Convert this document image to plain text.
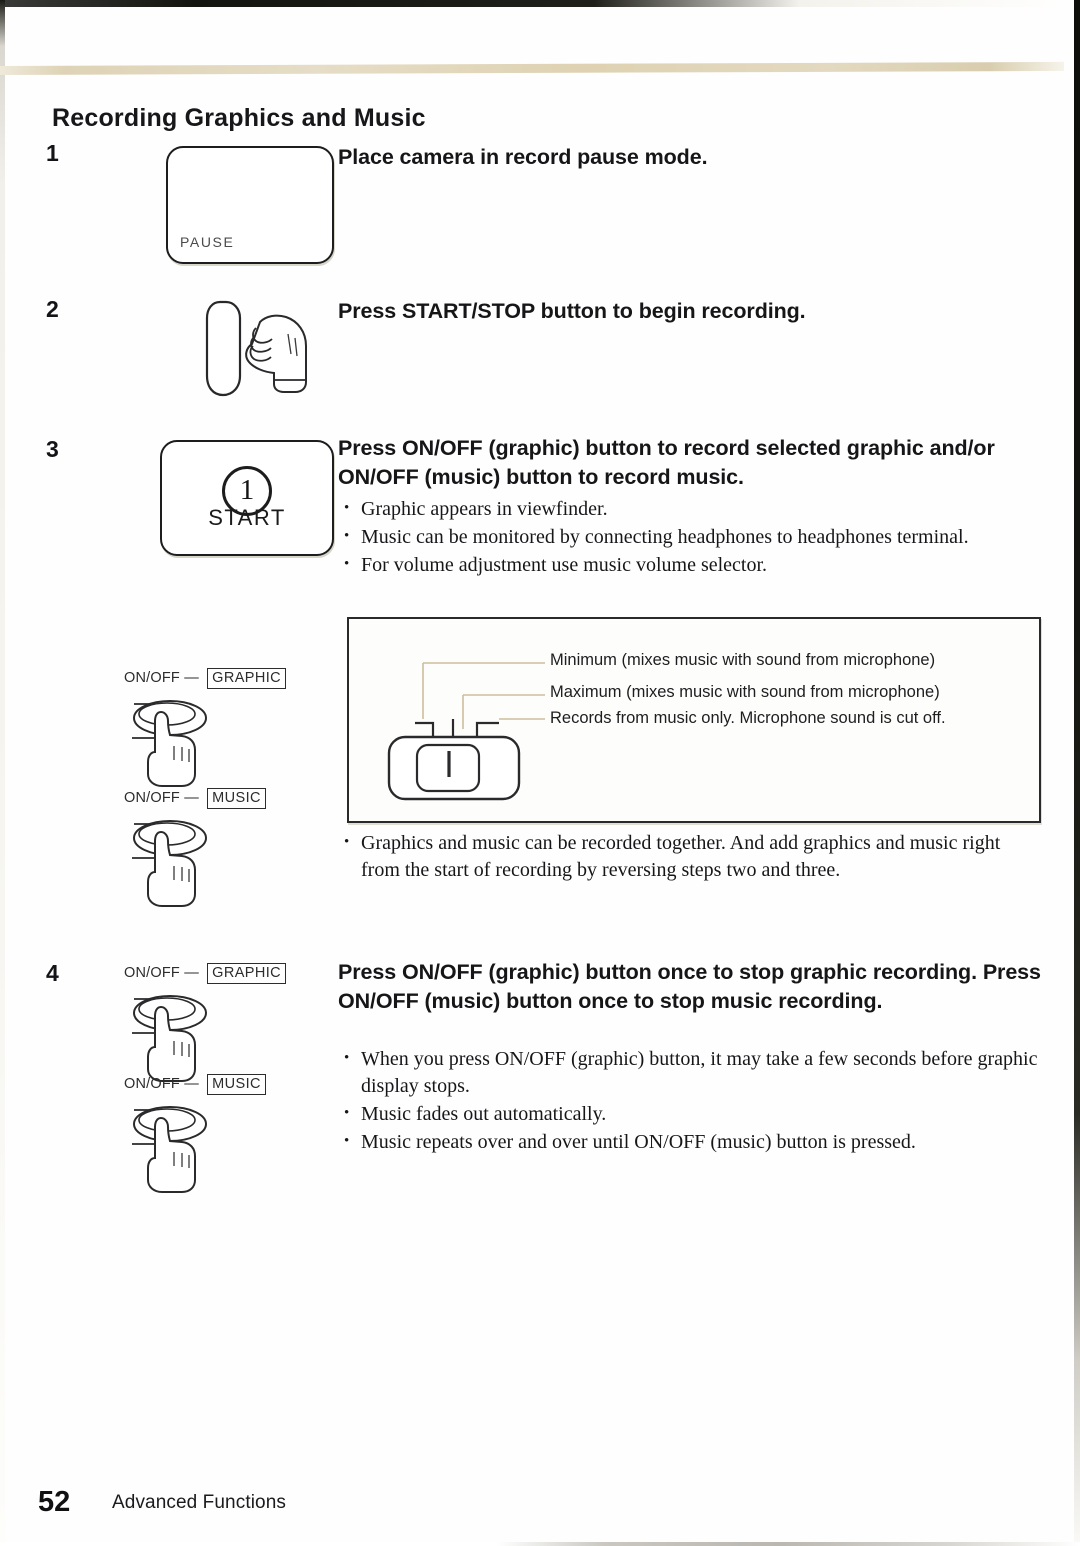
Recording Graphics and Music
1
PAUSE
Place camera in record pause mode.
2	Press START/STOP button to begin recording.
3
1
START
Press ON/OFF (graphic) button to record selected graphic and/or ON/OFF (music) button to record music.
• Graphic appears in viewfinder.
• Music can be monitored by connecting headphones to headphones terminal.
• For volume adjustment use music volume selector.
ON/OFF — GRAPHIC
ON/OFF — MUSIC
Minimum (mixes music with sound from microphone)
Maximum (mixes music with sound from microphone)
Records from music only. Microphone sound is cut off.
• Graphics and music can be recorded together. And add graphics and music right from the start of recording by reversing steps two and three.
4	ON/OFF — GRAPHIC
ON/OFF — MUSIC
Press ON/OFF (graphic) button once to stop graphic recording. Press ON/OFF (music) button once to stop music recording.
• When you press ON/OFF (graphic) button, it may take a few seconds before graphic display stops.
• Music fades out automatically.
• Music repeats over and over until ON/OFF (music) button is pressed.
52 Advanced Functions
